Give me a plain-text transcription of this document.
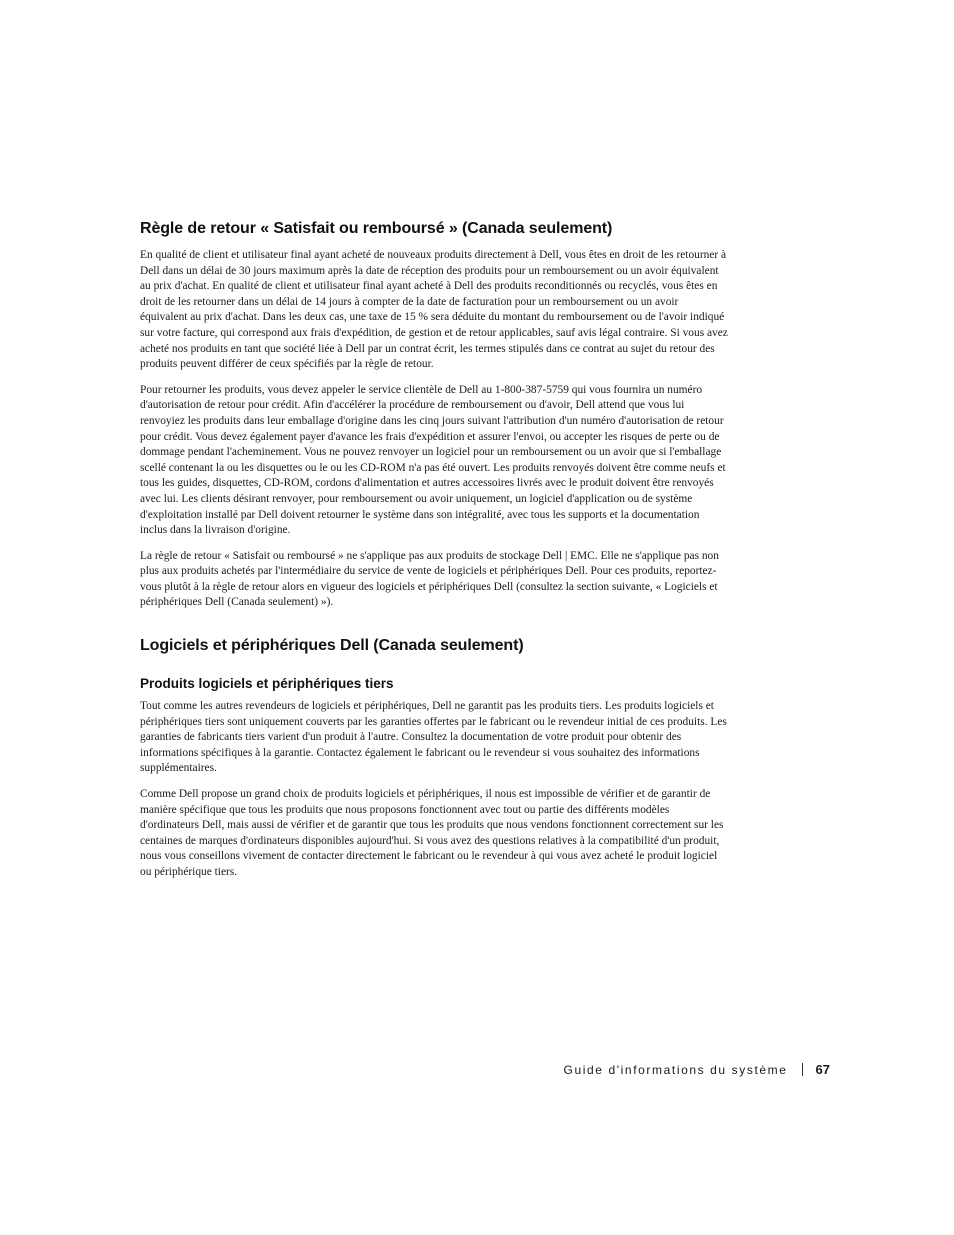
Règle de retour « Satisfait ou remboursé » (Canada seulement)

En qualité de client et utilisateur final ayant acheté de nouveaux produits directement à Dell, vous êtes en droit de les retourner à Dell dans un délai de 30 jours maximum après la date de réception des produits pour un remboursement ou un avoir équivalent au prix d'achat. En qualité de client et utilisateur final ayant acheté à Dell des produits reconditionnés ou recyclés, vous êtes en droit de les retourner dans un délai de 14 jours à compter de la date de facturation pour un remboursement ou un avoir équivalent au prix d'achat. Dans les deux cas, une taxe de 15 % sera déduite du montant du remboursement ou de l'avoir indiqué sur votre facture, qui correspond aux frais d'expédition, de gestion et de retour applicables, sauf avis légal contraire. Si vous avez acheté nos produits en tant que société liée à Dell par un contrat écrit, les termes stipulés dans ce contrat au sujet du retour des produits peuvent différer de ceux spécifiés par la règle de retour.

Pour retourner les produits, vous devez appeler le service clientèle de Dell au 1-800-387-5759 qui vous fournira un numéro d'autorisation de retour pour crédit. Afin d'accélérer la procédure de remboursement ou d'avoir, Dell attend que vous lui renvoyiez les produits dans leur emballage d'origine dans les cinq jours suivant l'attribution d'un numéro d'autorisation de retour pour crédit. Vous devez également payer d'avance les frais d'expédition et assurer l'envoi, ou accepter les risques de perte ou de dommage pendant l'acheminement. Vous ne pouvez renvoyer un logiciel pour un remboursement ou un avoir que si l'emballage scellé contenant la ou les disquettes ou le ou les CD-ROM n'a pas été ouvert. Les produits renvoyés doivent être comme neufs et tous les guides, disquettes, CD-ROM, cordons d'alimentation et autres accessoires livrés avec le produit doivent être renvoyés avec lui. Les clients désirant renvoyer, pour remboursement ou avoir uniquement, un logiciel d'application ou de système d'exploitation installé par Dell doivent retourner le système dans son intégralité, avec tous les supports et la documentation inclus dans la livraison d'origine.

La règle de retour « Satisfait ou remboursé » ne s'applique pas aux produits de stockage Dell | EMC. Elle ne s'applique pas non plus aux produits achetés par l'intermédiaire du service de vente de logiciels et périphériques Dell. Pour ces produits, reportez-vous plutôt à la règle de retour alors en vigueur des logiciels et périphériques Dell (consultez la section suivante, « Logiciels et périphériques Dell (Canada seulement) »).

Logiciels et périphériques Dell (Canada seulement)
Produits logiciels et périphériques tiers

Tout comme les autres revendeurs de logiciels et périphériques, Dell ne garantit pas les produits tiers. Les produits logiciels et périphériques tiers sont uniquement couverts par les garanties offertes par le fabricant ou le revendeur initial de ces produits. Les garanties de fabricants tiers varient d'un produit à l'autre. Consultez la documentation de votre produit pour obtenir des informations spécifiques à la garantie. Contactez également le fabricant ou le revendeur si vous souhaitez des informations supplémentaires.

Comme Dell propose un grand choix de produits logiciels et périphériques, il nous est impossible de vérifier et de garantir de manière spécifique que tous les produits que nous proposons fonctionnent avec tout ou partie des différents modèles d'ordinateurs Dell, mais aussi de vérifier et de garantir que tous les produits que nous vendons fonctionnent correctement sur les centaines de marques d'ordinateurs disponibles aujourd'hui. Si vous avez des questions relatives à la compatibilité d'un produit, nous vous conseillons vivement de contacter directement le fabricant ou le revendeur à qui vous avez acheté le produit logiciel ou périphérique tiers.

Guide d'informations du système 67
